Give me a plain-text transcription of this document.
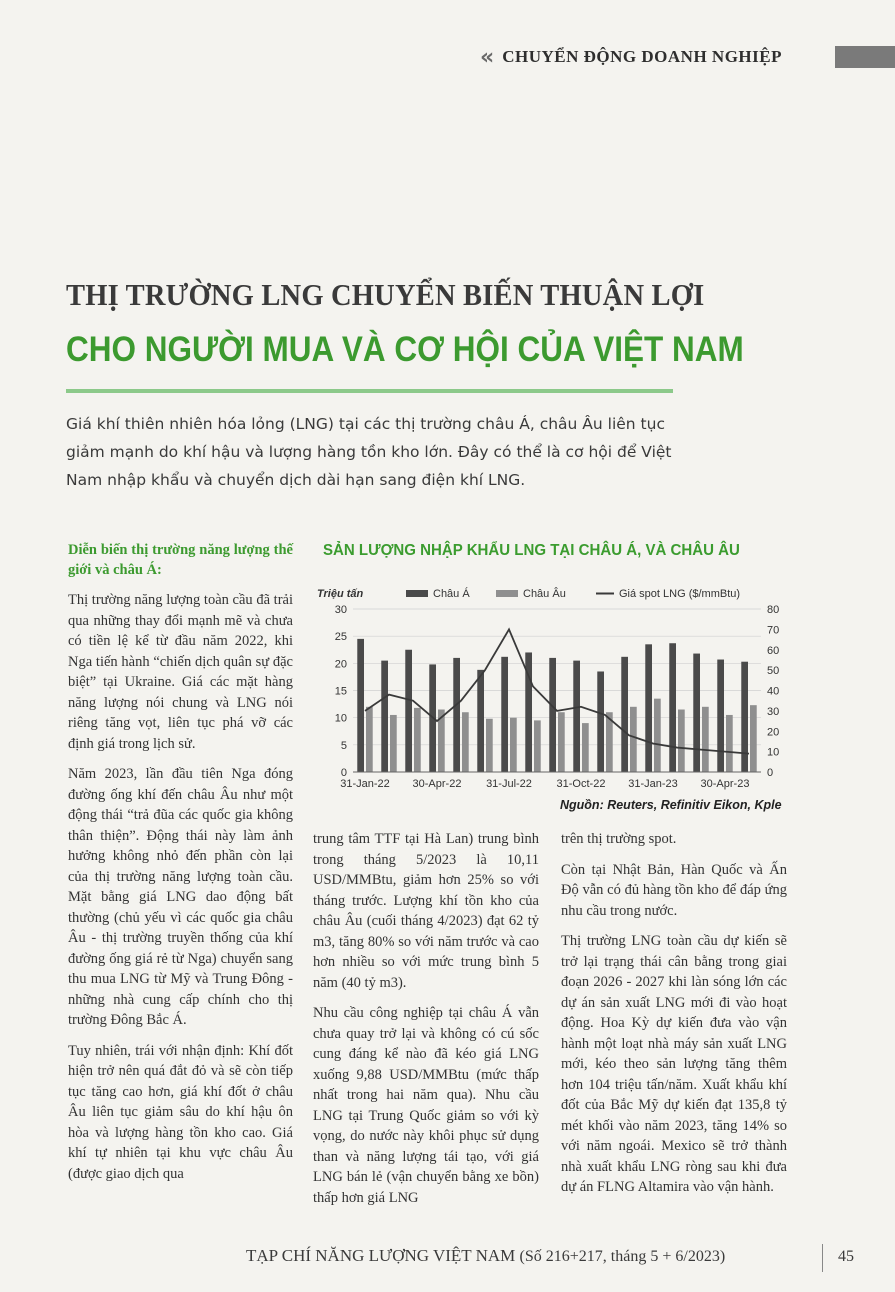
« CHUYỂN ĐỘNG DOANH NGHIỆP
THỊ TRƯỜNG LNG CHUYỂN BIẾN THUẬN LỢI
CHO NGƯỜI MUA VÀ CƠ HỘI CỦA VIỆT NAM
Giá khí thiên nhiên hóa lỏng (LNG) tại các thị trường châu Á, châu Âu liên tục giảm mạnh do khí hậu và lượng hàng tồn kho lớn. Đây có thể là cơ hội để Việt Nam nhập khẩu và chuyển dịch dài hạn sang điện khí LNG.

Diễn biến thị trường năng lượng thế giới và châu Á:

Thị trường năng lượng toàn cầu đã trải qua những thay đổi mạnh mẽ và chưa có tiền lệ kể từ đầu năm 2022, khi Nga tiến hành “chiến dịch quân sự đặc biệt” tại Ukraine. Giá các mặt hàng năng lượng nói chung và LNG nói riêng tăng vọt, liên tục phá vỡ các định giá trong lịch sử.

Năm 2023, lần đầu tiên Nga đóng đường ống khí đến châu Âu như một động thái “trả đũa các quốc gia không thân thiện”. Động thái này làm ảnh hưởng không nhỏ đến phần còn lại của thị trường năng lượng toàn cầu. Mặt bằng giá LNG dao động bất thường (chủ yếu vì các quốc gia châu Âu - thị trường truyền thống của khí đường ống giá rẻ từ Nga) chuyển sang thu mua LNG từ Mỹ và Trung Đông - những nhà cung cấp chính cho thị trường Đông Bắc Á.

Tuy nhiên, trái với nhận định: Khí đốt hiện trở nên quá đắt đỏ và sẽ còn tiếp tục tăng cao hơn, giá khí đốt ở châu Âu liên tục giảm sâu do khí hậu ôn hòa và lượng hàng tồn kho cao. Giá khí tự nhiên tại khu vực châu Âu (được giao dịch qua

SẢN LƯỢNG NHẬP KHẨU LNG TẠI CHÂU Á, VÀ CHÂU ÂU
0
5
10
15
20
25
30
0
10
20
30
40
50
60
70
80
31-Jan-22 30-Apr-22 31-Jul-22 31-Oct-22 31-Jan-23 30-Apr-23
Triệu tấn	Châu Á	Châu Âu	Giá spot LNG ($/mmBtu)
Nguồn: Reuters, Refinitiv Eikon, Kple

trung tâm TTF tại Hà Lan) trung bình trong tháng 5/2023 là 10,11 USD/MMBtu, giảm hơn 25% so với tháng trước. Lượng khí tồn kho của châu Âu (cuối tháng 4/2023) đạt 62 tỷ m3, tăng 80% so với năm trước và cao hơn nhiều so với mức trung bình 5 năm (40 tỷ m3).

Nhu cầu công nghiệp tại châu Á vẫn chưa quay trở lại và không có cú sốc cung đáng kể nào đã kéo giá LNG xuống 9,88 USD/MMBtu (mức thấp nhất trong hai năm qua). Nhu cầu LNG tại Trung Quốc giảm so với kỳ vọng, do nước này khôi phục sử dụng than và năng lượng tái tạo, với giá LNG bán lẻ (vận chuyển bằng xe bồn) thấp hơn giá LNG

trên thị trường spot.

Còn tại Nhật Bản, Hàn Quốc và Ấn Độ vẫn có đủ hàng tồn kho để đáp ứng nhu cầu trong nước.

Thị trường LNG toàn cầu dự kiến sẽ trở lại trạng thái cân bằng trong giai đoạn 2026 - 2027 khi làn sóng lớn các dự án sản xuất LNG mới đi vào hoạt động. Hoa Kỳ dự kiến đưa vào vận hành một loạt nhà máy sản xuất LNG mới, kéo theo sản lượng tăng thêm hơn 104 triệu tấn/năm. Xuất khẩu khí đốt của Bắc Mỹ dự kiến đạt 135,8 tỷ mét khối vào năm 2023, tăng 14% so với năm ngoái. Mexico sẽ trở thành nhà xuất khẩu LNG ròng sau khi đưa dự án FLNG Altamira vào vận hành.

TẠP CHÍ NĂNG LƯỢNG VIỆT NAM (Số 216+217, tháng 5 + 6/2023)	45
